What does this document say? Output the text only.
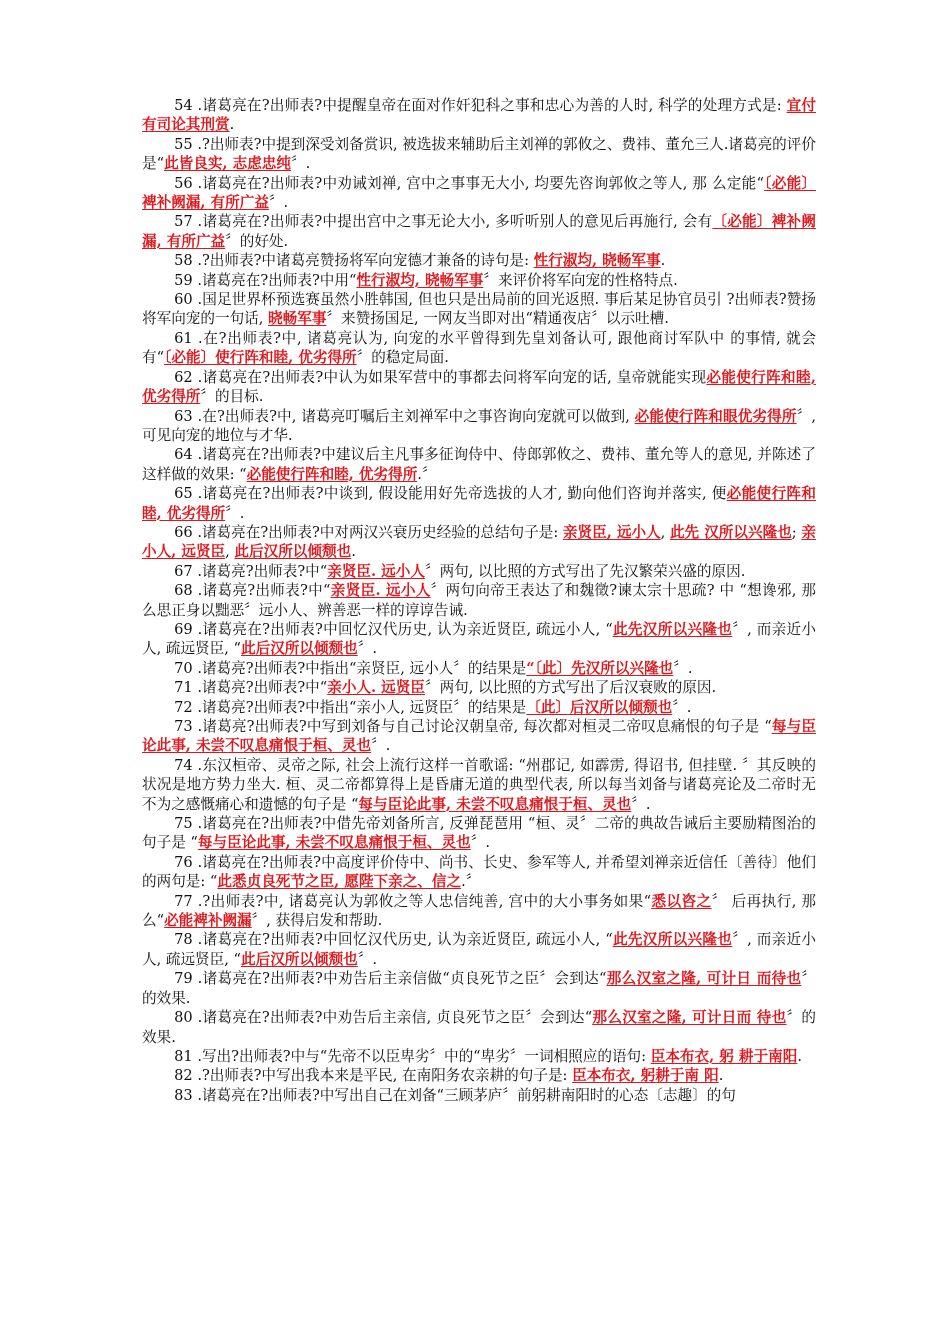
54 .诸葛亮在?出师表?中提醒皇帝在面对作奸犯科之事和忠心为善的人时, 科学的处理方式是: 宜付有司论其刑赏.

55 .?出师表?中提到深受刘备赏识, 被选拔来辅助后主刘禅的郭攸之、费祎、董允三人.诸葛亮的评价是“此皆良实, 志虑忠纯〞.

56 .诸葛亮在?出师表?中劝诫刘禅, 宫中之事事无大小, 均要先咨询郭攸之等人, 那 么定能“〔必能〕裨补阙漏, 有所广益〞.

57 .诸葛亮在?出师表?中提出宫中之事无论大小, 多听听别人的意见后再施行, 会有〔必能〕裨补阙漏, 有所广益〞的好处.

58 .?出师表?中诸葛亮赞扬将军向宠德才兼备的诗句是: 性行淑均, 晓畅军事.

59 .诸葛亮在?出师表?中用“性行淑均, 晓畅军事〞来评价将军向宠的性格特点.

60 .国足世界杯预选赛虽然小胜韩国, 但也只是出局前的回光返照. 事后某足协官员引 ?出师表?赞扬将军向宠的一句话, 晓畅军事〞来赞扬国足, 一网友当即对出“精通夜店〞以示吐槽.

61 .在?出师表?中, 诸葛亮认为, 向宠的水平曾得到先皇刘备认可, 跟他商讨军队中 的事情, 就会有“〔必能〕使行阵和睦, 优劣得所〞的稳定局面.

62 .诸葛亮在?出师表?中认为如果军营中的事都去问将军向宠的话, 皇帝就能实现必能使行阵和睦, 优劣得所〞的目标.

63 .在?出师表?中, 诸葛亮叮嘱后主刘禅军中之事咨询向宠就可以做到, 必能使行阵和眼优劣得所〞, 可见向宠的地位与才华.

64 .诸葛亮在?出师表?中建议后主凡事多征询侍中、侍郎郭攸之、费祎、董允等人的意见, 并陈述了这样做的效果: “必能使行阵和睦, 优劣得所.〞

65 .诸葛亮在?出师表?中谈到, 假设能用好先帝选拔的人才, 勤向他们咨询并落实, 便必能使行阵和睦, 优劣得所〞.

66 .诸葛亮在?出师表?中对两汉兴衰历史经验的总结句子是: 亲贤臣, 远小人, 此先 汉所以兴隆也; 亲小人, 远贤臣, 此后汉所以倾颓也.

67 .诸葛亮?出师表?中“亲贤臣. 远小人〞两句, 以比照的方式写出了先汉繁荣兴盛的原因.

68 .诸葛亮?出师表?中“亲贤臣. 远小人〞两句向帝王表达了和魏徵?谏太宗十思疏? 中 “想谗邪, 那么思正身以黜恶〞远小人、辨善恶一样的谆谆告诫.

69 .诸葛亮在?出师表?中回忆汉代历史, 认为亲近贤臣, 疏远小人, “此先汉所以兴隆也〞, 而亲近小人, 疏远贤臣, “此后汉所以倾颓也〞.

70 .诸葛亮?出师表?中指出“亲贤臣, 远小人〞的结果是“〔此〕先汉所以兴隆也〞.

71 .诸葛亮?出师表?中“亲小人. 远贤臣〞两句, 以比照的方式写出了后汉衰败的原因.

72 .诸葛亮?出师表?中指出“亲小人, 远贤臣〞的结果是〔此〕后汉所以倾颓也〞.

73 .诸葛亮?出师表?中写到刘备与自己讨论汉朝皇帝, 每次都对桓灵二帝叹息痛恨的句子是 “每与臣论此事, 未尝不叹息痛恨于桓、灵也〞.

74 .东汉桓帝、灵帝之际, 社会上流行这样一首歌谣: “州郡记, 如霹雳, 得诏书, 但挂壁. 〞其反映的状况是地方势力坐大. 桓、灵二帝都算得上是昏庸无道的典型代表, 所以每当刘备与诸葛亮论及二帝时无不为之感慨痛心和遗憾的句子是 “每与臣论此事, 未尝不叹息痛恨于桓、灵也〞.

75 .诸葛亮在?出师表?中借先帝刘备所言, 反弹琵琶用 “桓、灵〞二帝的典故告诫后主要励精图治的句子是 “每与臣论此事, 未尝不叹息痛恨于桓、灵也〞.

76 .诸葛亮在?出师表?中高度评价侍中、尚书、长史、参军等人, 并希望刘禅亲近信任〔善待〕他们的两句是: “此悉贞良死节之臣, 愿陛下亲之、信之.〞

77 .?出师表?中, 诸葛亮认为郭攸之等人忠信纯善, 宫中的大小事务如果“悉以咨之〞 后再执行, 那么“必能裨补阙漏〞, 获得启发和帮助.

78 .诸葛亮在?出师表?中回忆汉代历史, 认为亲近贤臣, 疏远小人, “此先汉所以兴隆也〞, 而亲近小人, 疏远贤臣, “此后汉所以倾颓也〞.

79 .诸葛亮在?出师表?中劝告后主亲信做“贞良死节之臣〞会到达“那么汉室之隆, 可计日 而待也〞的效果.

80 .诸葛亮在?出师表?中劝告后主亲信, 贞良死节之臣〞会到达“那么汉室之隆, 可计日而 待也〞的效果.

81 .写出?出师表?中与“先帝不以臣卑劣〞中的“卑劣〞一词相照应的语句: 臣本布衣, 躬 耕于南阳.

82 .?出师表?中写出我本来是平民, 在南阳务农亲耕的句子是: 臣本布衣, 躬耕于南 阳.

83 .诸葛亮在?出师表?中写出自己在刘备“三顾茅庐〞前躬耕南阳时的心态〔志趣〕的句
